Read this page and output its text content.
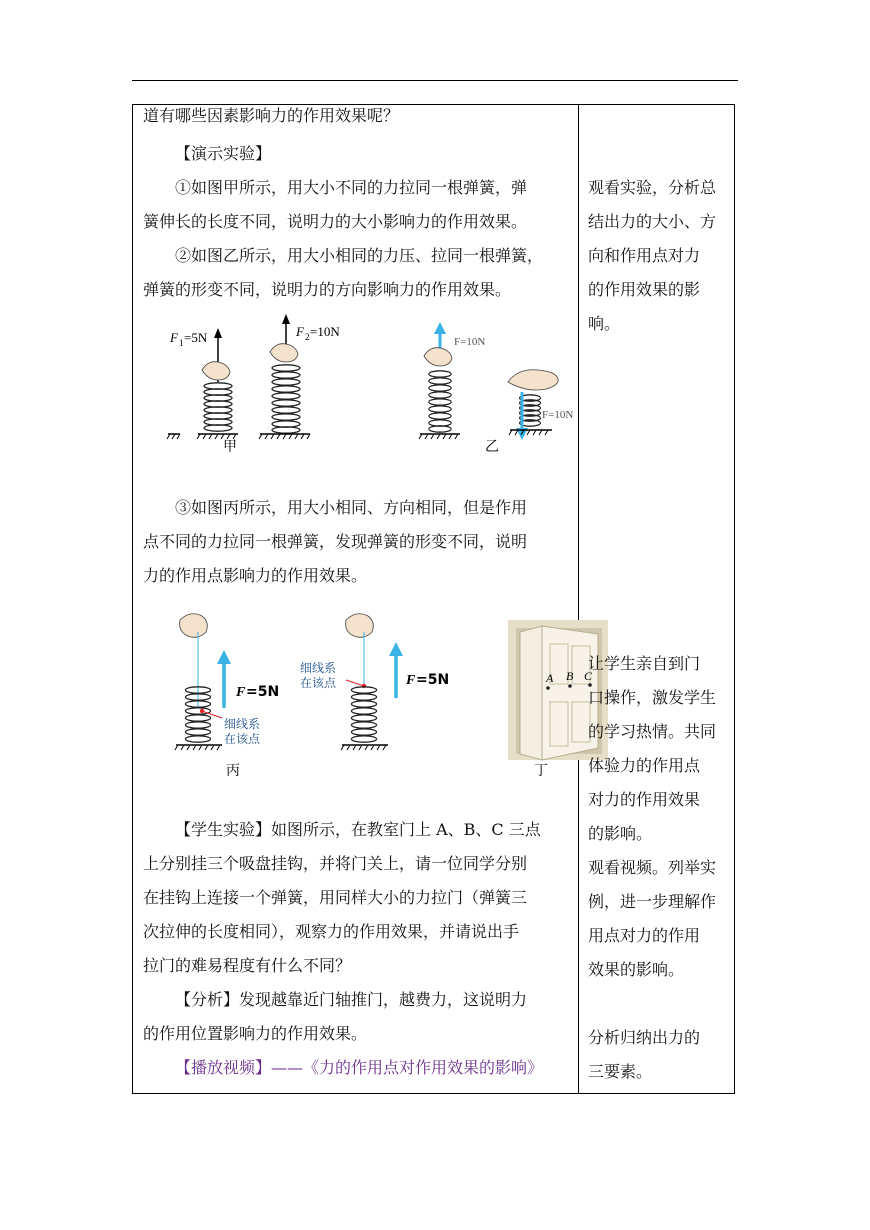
道有哪些因素影响力的作用效果呢？
【演示实验】
①如图甲所示，用大小不同的力拉同一根弹簧，弹
簧伸长的长度不同，说明力的大小影响力的作用效果。
②如图乙所示，用大小相同的力压、拉同一根弹簧，
弹簧的形变不同，说明力的方向影响力的作用效果。
F 1 =5N	F 2 =10N
甲
F=10N
F=10N
乙
③如图丙所示，用大小相同、方向相同，但是作用
点不同的力拉同一根弹簧，发现弹簧的形变不同，说明
力的作用点影响力的作用效果。
F =5N
细线系
在该点
丙
F =5N
细线系
在该点	A B C
丁
【学生实验】如图所示，在教室门上 A、B、C 三点
上分别挂三个吸盘挂钩，并将门关上，请一位同学分别
在挂钩上连接一个弹簧，用同样大小的力拉门（弹簧三
次拉伸的长度相同），观察力的作用效果，并请说出手
拉门的难易程度有什么不同？
【分析】发现越靠近门轴推门，越费力，这说明力
的作用位置影响力的作用效果。
【播放视频】——《力的作用点对作用效果的影响》
观看实验，分析总
结出力的大小、方
向和作用点对力
的作用效果的影
响。
让学生亲自到门
口操作，激发学生
的学习热情。共同
体验力的作用点
对力的作用效果
的影响。
观看视频。列举实
例，进一步理解作
用点对力的作用
效果的影响。
分析归纳出力的
三要素。
